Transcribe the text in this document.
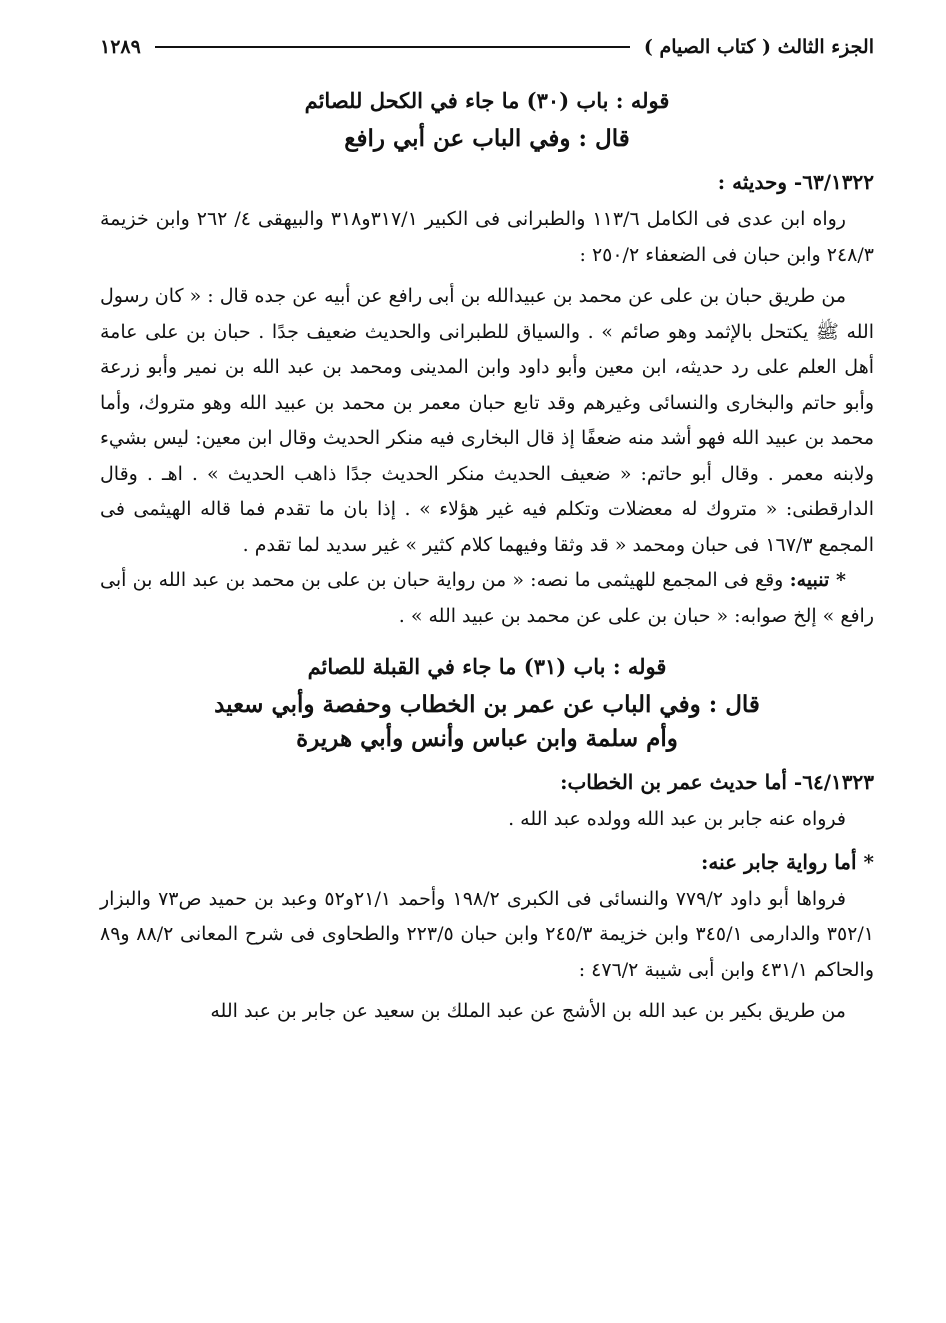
الجزء الثالث ( كتاب الصيام )
١٢٨٩
قوله : باب (٣٠) ما جاء في الكحل للصائم
قال : وفي الباب عن أبي رافع
٦٣/١٣٢٢- وحديثه :

رواه ابن عدى فى الكامل ١١٣/٦ والطبرانى فى الكبير ٣١٧/١و٣١٨ والبيهقى ٤/ ٢٦٢ وابن خزيمة ٢٤٨/٣ وابن حبان فى الضعفاء ٢٥٠/٢ :

من طريق حبان بن على عن محمد بن عبيدالله بن أبى رافع عن أبيه عن جده قال : « كان رسول الله ﷺ يكتحل بالإثمد وهو صائم » . والسياق للطبرانى والحديث ضعيف جدًا . حبان بن على عامة أهل العلم على رد حديثه، ابن معين وأبو داود وابن المدينى ومحمد بن عبد الله بن نمير وأبو زرعة وأبو حاتم والبخارى والنسائى وغيرهم وقد تابع حبان معمر بن محمد بن عبيد الله وهو متروك، وأما محمد بن عبيد الله فهو أشد منه ضعفًا إذ قال البخارى فيه منكر الحديث وقال ابن معين: ليس بشيء ولابنه معمر . وقال أبو حاتم: « ضعيف الحديث منكر الحديث جدًا ذاهب الحديث » . اهـ . وقال الدارقطنى: « متروك له معضلات وتكلم فيه غير هؤلاء » . إذا بان ما تقدم فما قاله الهيثمى فى المجمع ١٦٧/٣ فى حبان ومحمد « قد وثقا وفيهما كلام كثير » غير سديد لما تقدم .

* تنبيه: وقع فى المجمع للهيثمى ما نصه: « من رواية حبان بن على بن محمد بن عبد الله بن أبى رافع » إلخ صوابه: « حبان بن على عن محمد بن عبيد الله » .

قوله : باب (٣١) ما جاء في القبلة للصائم
قال : وفي الباب عن عمر بن الخطاب وحفصة وأبي سعيد
وأم سلمة وابن عباس وأنس وأبي هريرة
٦٤/١٣٢٣- أما حديث عمر بن الخطاب:

فرواه عنه جابر بن عبد الله وولده عبد الله .

* أما رواية جابر عنه:

فرواها أبو داود ٧٧٩/٢ والنسائى فى الكبرى ١٩٨/٢ وأحمد ٢١/١و٥٢ وعبد بن حميد ص٧٣ والبزار ٣٥٢/١ والدارمى ٣٤٥/١ وابن خزيمة ٢٤٥/٣ وابن حبان ٢٢٣/٥ والطحاوى فى شرح المعانى ٨٨/٢ و٨٩ والحاكم ٤٣١/١ وابن أبى شيبة ٤٧٦/٢ :

من طريق بكير بن عبد الله بن الأشج عن عبد الملك بن سعيد عن جابر بن عبد الله
